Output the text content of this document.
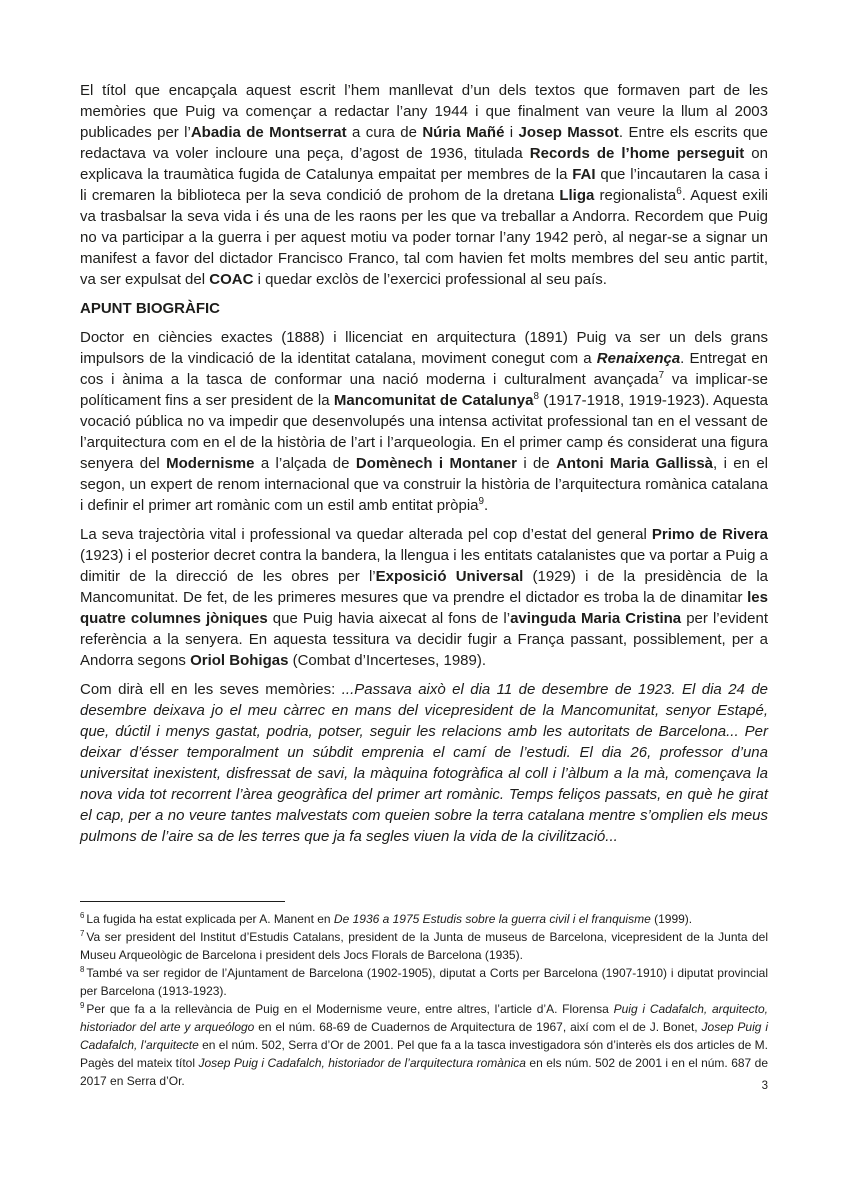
El títol que encapçala aquest escrit l’hem manllevat d’un dels textos que formaven part de les memòries que Puig va començar a redactar l’any 1944 i que finalment van veure la llum al 2003 publicades per l’Abadia de Montserrat a cura de Núria Mañé i Josep Massot. Entre els escrits que redactava va voler incloure una peça, d’agost de 1936, titulada Records de l’home perseguit on explicava la traumàtica fugida de Catalunya empaitat per membres de la FAI que l’incautaren la casa i li cremaren la biblioteca per la seva condició de prohom de la dretana Lliga regionalista$^6$. Aquest exili va trasbalsar la seva vida i és una de les raons per les que va treballar a Andorra. Recordem que Puig no va participar a la guerra i per aquest motiu va poder tornar l’any 1942 però, al negar-se a signar un manifest a favor del dictador Francisco Franco, tal com havien fet molts membres del seu antic partit, va ser expulsat del COAC i quedar exclòs de l’exercici professional al seu país.

APUNT BIOGRÀFIC

Doctor en ciències exactes (1888) i llicenciat en arquitectura (1891) Puig va ser un dels grans impulsors de la vindicació de la identitat catalana, moviment conegut com a Renaixença. Entregat en cos i ànima a la tasca de conformar una nació moderna i culturalment avançada$^7$ va implicar-se políticament fins a ser president de la Mancomunitat de Catalunya$^8$ (1917-1918, 1919-1923). Aquesta vocació pública no va impedir que desenvolupés una intensa activitat professional tan en el vessant de l’arquitectura com en el de la història de l’art i l’arqueologia. En el primer camp és considerat una figura senyera del Modernisme a l’alçada de Domènech i Montaner i de Antoni Maria Gallissà, i en el segon, un expert de renom internacional que va construir la història de l’arquitectura romànica catalana i definir el primer art romànic com un estil amb entitat pròpia$^9$.

La seva trajectòria vital i professional va quedar alterada pel cop d’estat del general Primo de Rivera (1923) i el posterior decret contra la bandera, la llengua i les entitats catalanistes que va portar a Puig a dimitir de la direcció de les obres per l’Exposició Universal (1929) i de la presidència de la Mancomunitat. De fet, de les primeres mesures que va prendre el dictador es troba la de dinamitar les quatre columnes jòniques que Puig havia aixecat al fons de l’avinguda Maria Cristina per l’evident referència a la senyera. En aquesta tessitura va decidir fugir a França passant, possiblement, per a Andorra segons Oriol Bohigas (Combat d’Incerteses, 1989).

Com dirà ell en les seves memòries: ...Passava això el dia 11 de desembre de 1923. El dia 24 de desembre deixava jo el meu càrrec en mans del vicepresident de la Mancomunitat, senyor Estapé, que, dúctil i menys gastat, podria, potser, seguir les relacions amb les autoritats de Barcelona... Per deixar d’ésser temporalment un súbdit emprenia el camí de l’estudi. El dia 26, professor d’una universitat inexistent, disfressat de savi, la màquina fotogràfica al coll i l’àlbum a la mà, començava la nova vida tot recorrent l’àrea geogràfica del primer art romànic. Temps feliços passats, en què he girat el cap, per a no veure tantes malvestats com queien sobre la terra catalana mentre s’omplien els meus pulmons de l’aire sa de les terres que ja fa segles viuen la vida de la civilització...

$^6$ La fugida ha estat explicada per A. Manent en De 1936 a 1975 Estudis sobre la guerra civil i el franquisme (1999).

$^7$ Va ser president del Institut d’Estudis Catalans, president de la Junta de museus de Barcelona, vicepresident de la Junta del Museu Arqueològic de Barcelona i president dels Jocs Florals de Barcelona (1935).

$^8$ També va ser regidor de l’Ajuntament de Barcelona (1902-1905), diputat a Corts per Barcelona (1907-1910) i diputat provincial per Barcelona (1913-1923).

$^9$ Per que fa a la rellevància de Puig en el Modernisme veure, entre altres, l’article d’A. Florensa Puig i Cadafalch, arquitecto, historiador del arte y arqueólogo en el núm. 68-69 de Cuadernos de Arquitectura de 1967, així com el de J. Bonet, Josep Puig i Cadafalch, l’arquitecte en el núm. 502, Serra d’Or de 2001. Pel que fa a la tasca investigadora són d’interès els dos articles de M. Pagès del mateix títol Josep Puig i Cadafalch, historiador de l’arquitectura romànica en els núm. 502 de 2001 i en el núm. 687 de 2017 en Serra d’Or.	3
